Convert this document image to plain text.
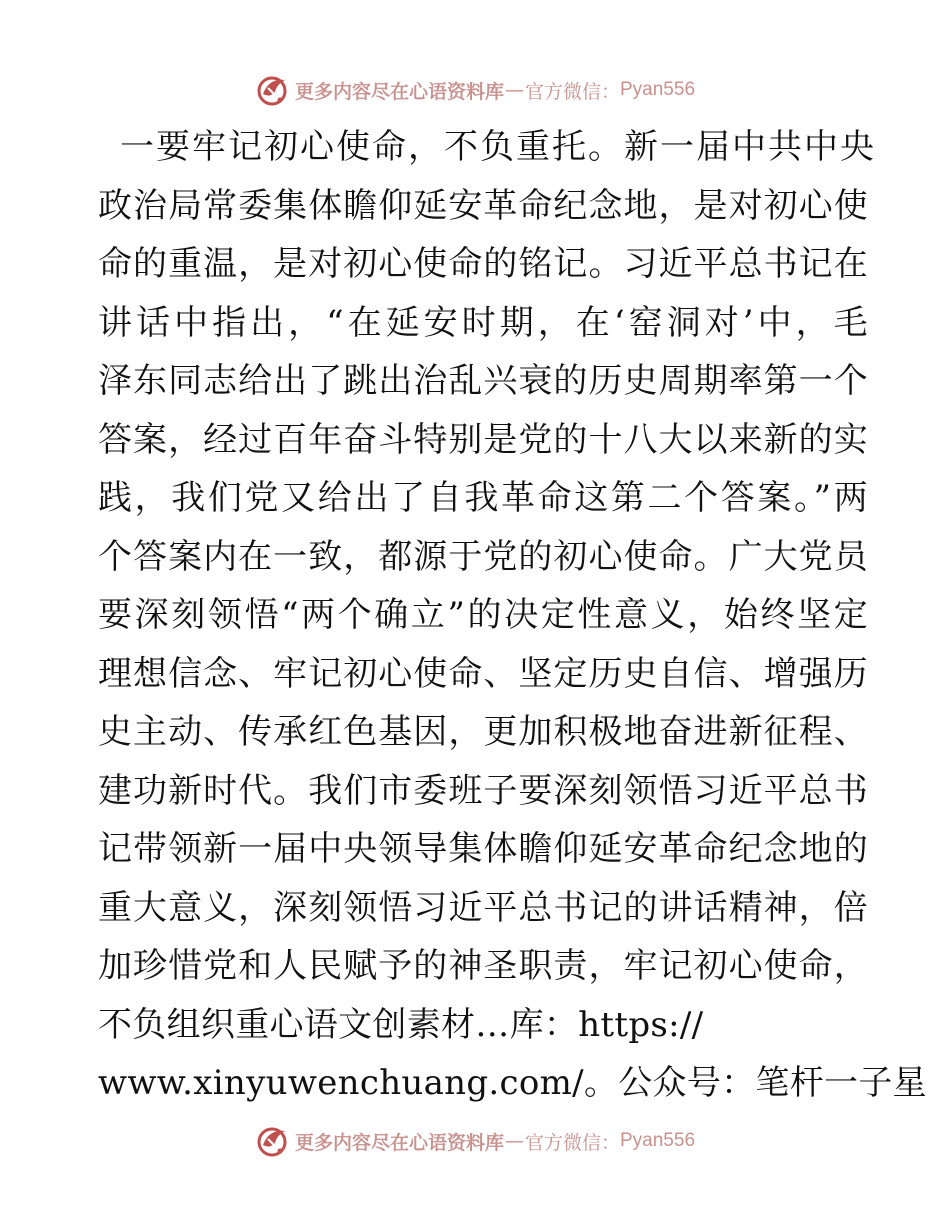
更多内容尽在心语资料库 — 官方微信： Pyan556
一要牢记初心使命，不负重托。新一届中共中央
政治局常委集体瞻仰延安革命纪念地，是对初心使
命的重温，是对初心使命的铭记。习近平总书记在
讲话中指出，“在延安时期，在‘窑洞对’中，毛
泽东同志给出了跳出治乱兴衰的历史周期率第一个
答案，经过百年奋斗特别是党的十八大以来新的实
践，我们党又给出了自我革命这第二个答案。”两
个答案内在一致，都源于党的初心使命。广大党员
要深刻领悟“两个确立”的决定性意义，始终坚定
理想信念、牢记初心使命、坚定历史自信、增强历
史主动、传承红色基因，更加积极地奋进新征程、
建功新时代。我们市委班子要深刻领悟习近平总书
记带领新一届中央领导集体瞻仰延安革命纪念地的
重大意义，深刻领悟习近平总书记的讲话精神，倍
加珍惜党和人民赋予的神圣职责，牢记初心使命，
不负组织重心语文创素材…库：https://
www.xinyuwenchuang.com/。公众号：笔杆一子星
更多内容尽在心语资料库 — 官方微信： Pyan556
